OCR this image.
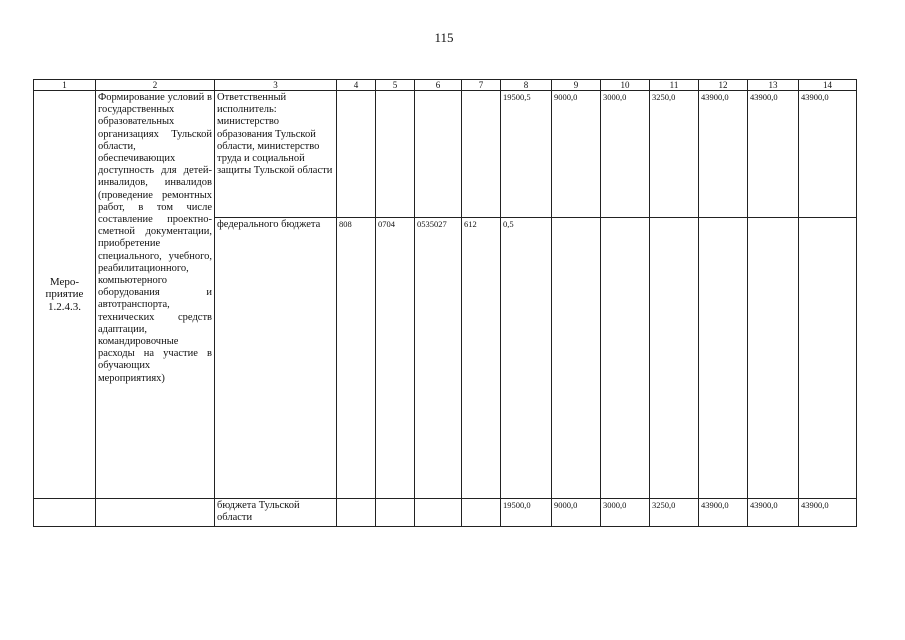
115
1	2	3	4	5	6	7	8	9	10	11	12	13	14
Меро-приятие 1.2.4.3.	Формирование условий в государственных образовательных организациях Тульской области, обеспечивающих доступность для детей-инвалидов, инвалидов (проведение ремонтных работ, в том числе составление проектно-сметной документации, приобретение специального, учебного, реабилитационного, компьютерного оборудования и автотранспорта, технических средств адаптации, командировочные расходы на участие в обучающих мероприятиях)	Ответственный исполнитель: министерство образования Тульской области, министерство труда и социальной защиты Тульской области					19500,5	9000,0	3000,0	3250,0	43900,0	43900,0	43900,0
		федерального бюджета	808	0704	0535027	612	0,5						
		бюджета Тульской области					19500,0	9000,0	3000,0	3250,0	43900,0	43900,0	43900,0
